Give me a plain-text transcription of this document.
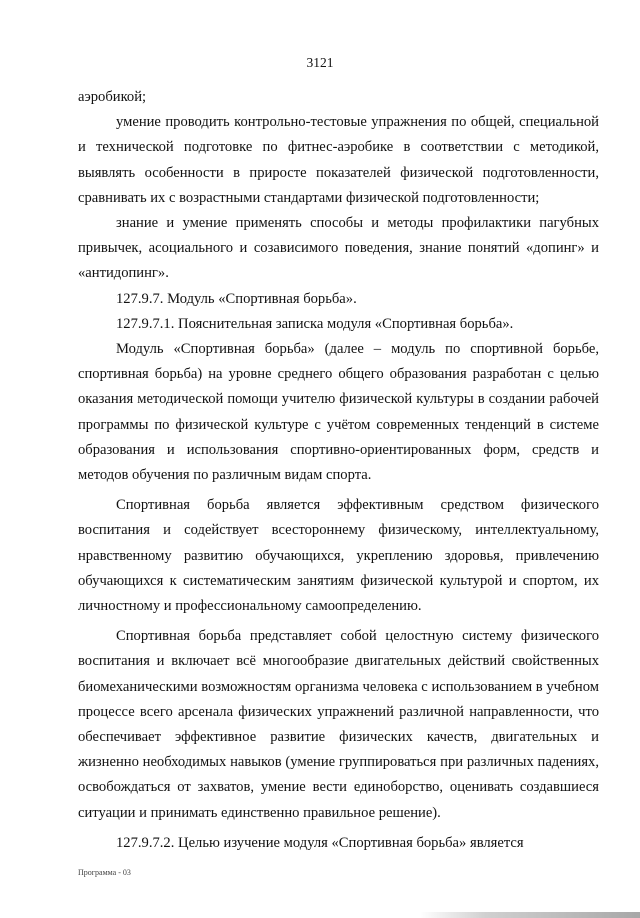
3121

аэробикой;

умение проводить контрольно-тестовые упражнения по общей, специальной и технической подготовке по фитнес-аэробике в соответствии с методикой, выявлять особенности в приросте показателей физической подготовленности, сравнивать их с возрастными стандартами физической подготовленности;

знание и умение применять способы и методы профилактики пагубных привычек, асоциального и созависимого поведения, знание понятий «допинг» и «антидопинг».

127.9.7. Модуль «Спортивная борьба».

127.9.7.1. Пояснительная записка модуля «Спортивная борьба».

Модуль «Спортивная борьба» (далее – модуль по спортивной борьбе, спортивная борьба) на уровне среднего общего образования разработан с целью оказания методической помощи учителю физической культуры в создании рабочей программы по физической культуре с учётом современных тенденций в системе образования и использования спортивно-ориентированных форм, средств и методов обучения по различным видам спорта.

Спортивная борьба является эффективным средством физического воспитания и содействует всестороннему физическому, интеллектуальному, нравственному развитию обучающихся, укреплению здоровья, привлечению обучающихся к систематическим занятиям физической культурой и спортом, их личностному и профессиональному самоопределению.

Спортивная борьба представляет собой целостную систему физического воспитания и включает всё многообразие двигательных действий свойственных биомеханическими возможностям организма человека с использованием в учебном процессе всего арсенала физических упражнений различной направленности, что обеспечивает эффективное развитие физических качеств, двигательных и жизненно необходимых навыков (умение группироваться при различных падениях, освобождаться от захватов, умение вести единоборство, оценивать создавшиеся ситуации и принимать единственно правильное решение).

127.9.7.2. Целью изучение модуля «Спортивная борьба» является

Программа - 03
